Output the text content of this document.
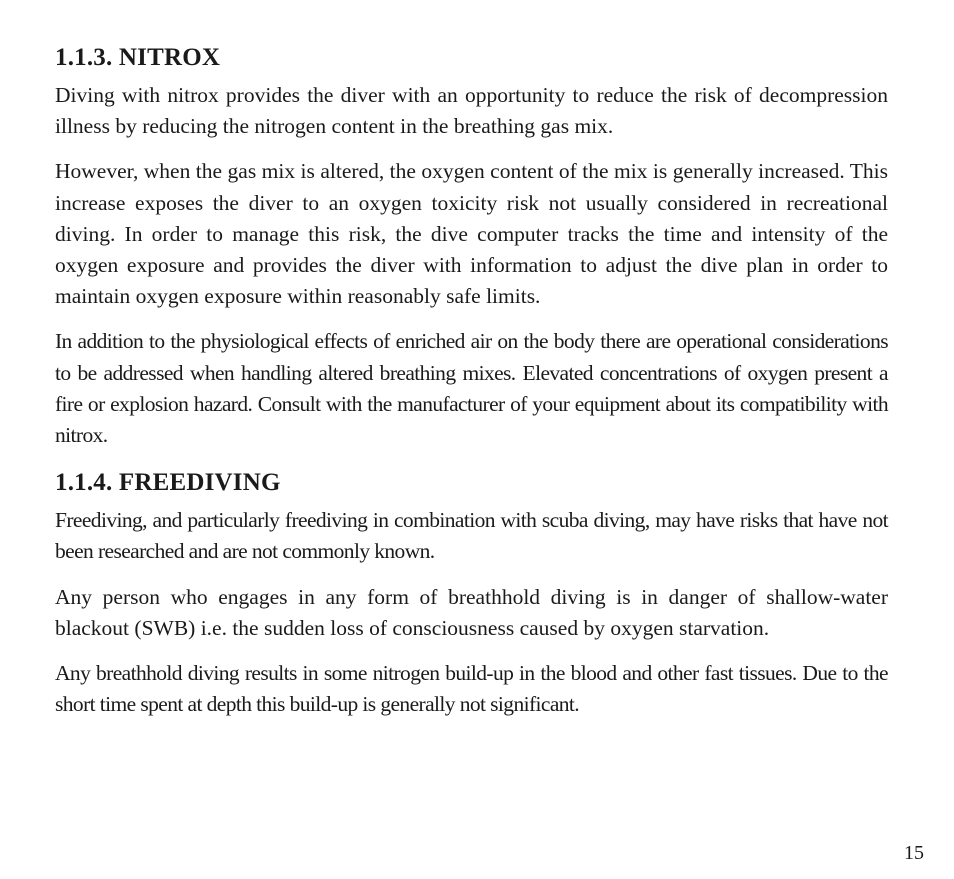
1.1.3. NITROX

Diving with nitrox provides the diver with an opportunity to reduce the risk of decompression illness by reducing the nitrogen content in the breathing gas mix.

However, when the gas mix is altered, the oxygen content of the mix is generally increased. This increase exposes the diver to an oxygen toxicity risk not usually considered in recreational diving. In order to manage this risk, the dive computer tracks the time and intensity of the oxygen exposure and provides the diver with information to adjust the dive plan in order to maintain oxygen exposure within reasonably safe limits.

In addition to the physiological effects of enriched air on the body there are operational considerations to be addressed when handling altered breathing mixes. Elevated concentrations of oxygen present a fire or explosion hazard. Consult with the manufacturer of your equipment about its compatibility with nitrox.

1.1.4. FREEDIVING

Freediving, and particularly freediving in combination with scuba diving, may have risks that have not been researched and are not commonly known.

Any person who engages in any form of breathhold diving is in danger of shallow-water blackout (SWB) i.e. the sudden loss of consciousness caused by oxygen starvation.

Any breathhold diving results in some nitrogen build-up in the blood and other fast tissues. Due to the short time spent at depth this build-up is generally not significant.

15
